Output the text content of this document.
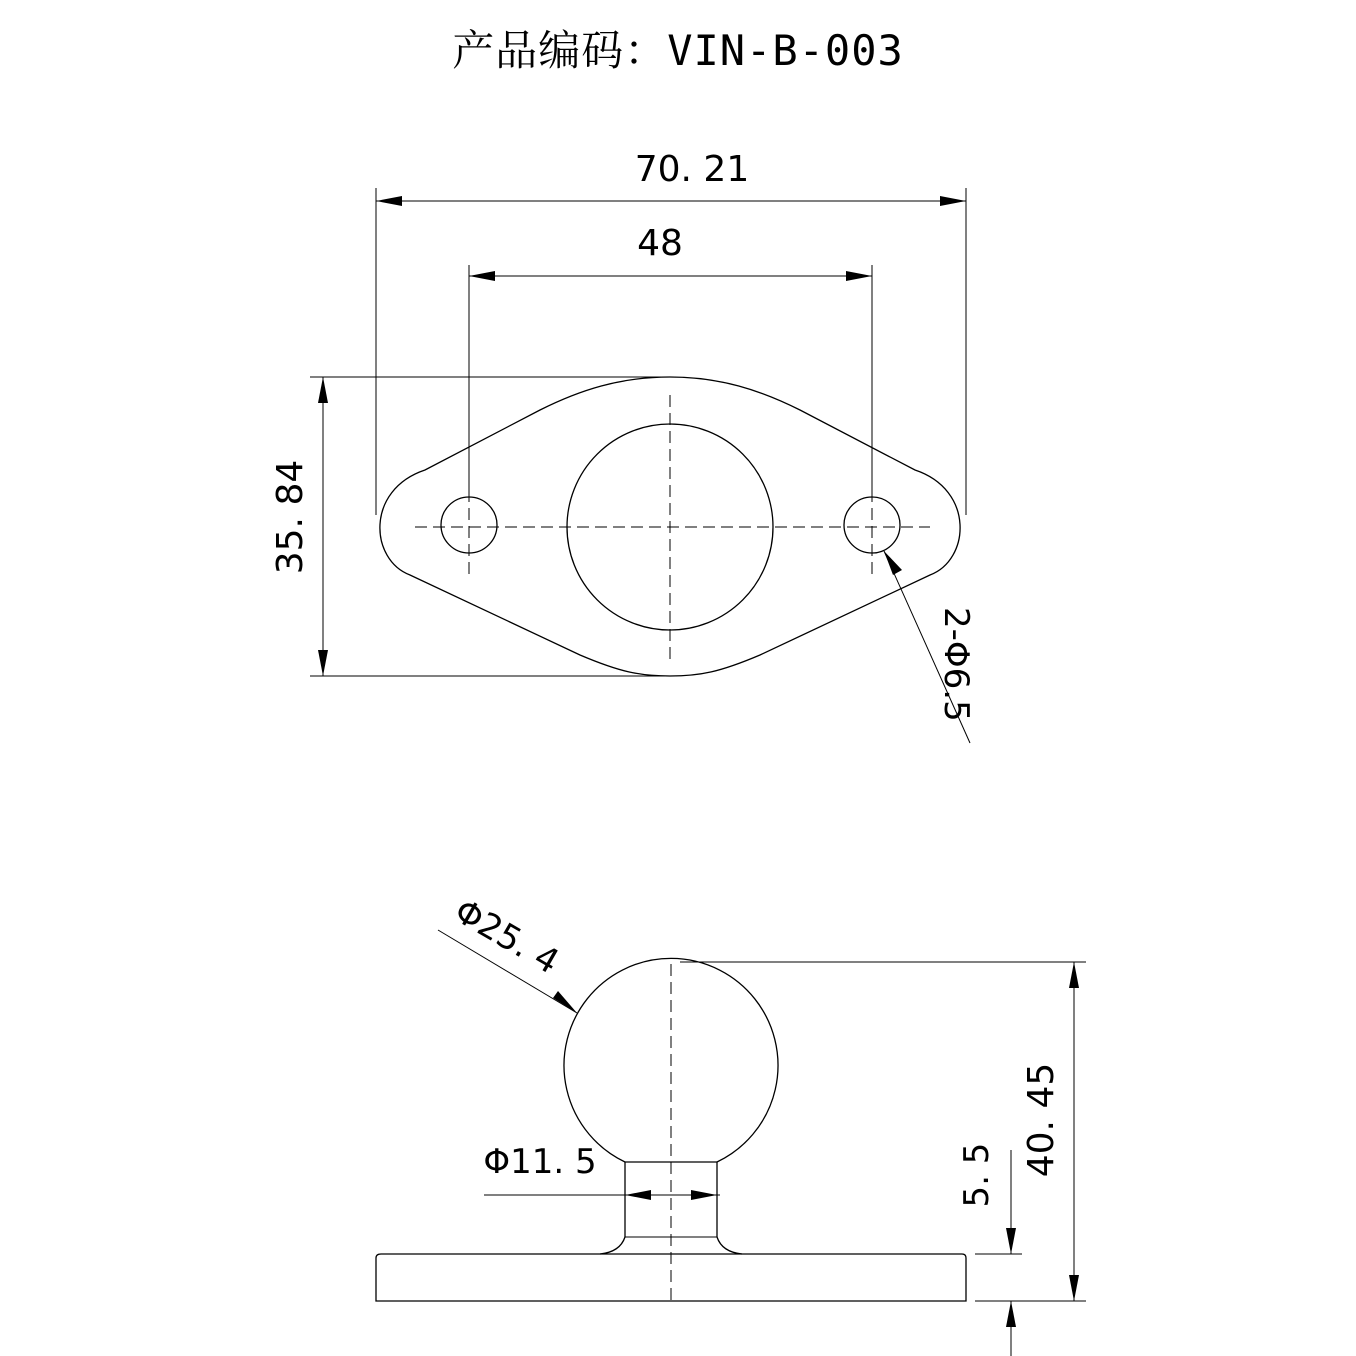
产品编码：VIN-B-003
70. 21
48
35. 84
2-Φ6.5
Φ25. 4
Φ11. 5	40. 45
5. 5
